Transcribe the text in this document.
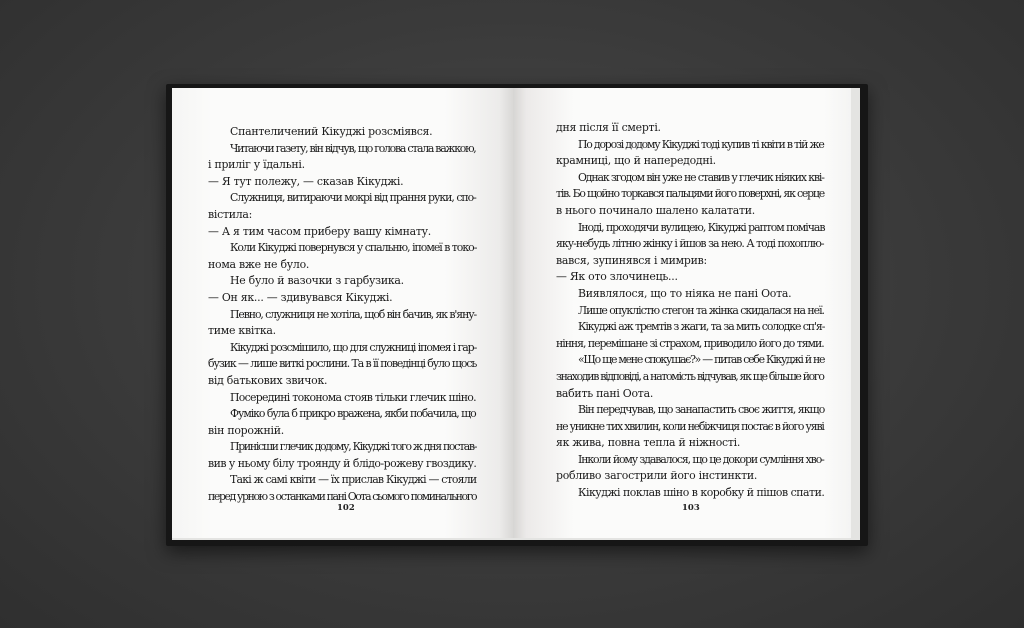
Спантеличений Кікуджі розсміявся.
Читаючи газету, він відчув, що голова стала важкою,
і приліг у їдальні.
— Я тут полежу, — сказав Кікуджі.
Служниця, витираючи мокрі від прання руки, спо-
вістила:
— А я тим часом приберу вашу кімнату.
Коли Кікуджі повернувся у спальню, іпомеї в токо-
нома вже не було.
Не було й вазочки з гарбузика.
— Он як... — здивувався Кікуджі.
Певно, служниця не хотіла, щоб він бачив, як в'яну-
тиме квітка.
Кікуджі розсмішило, що для служниці іпомея і гар-
бузик — лише виткі рослини. Та в її поведінці було щось
від батькових звичок.
Посередині токонома стояв тільки глечик шіно.
Фуміко була б прикро вражена, якби побачила, що
він порожній.
Принісши глечик додому, Кікуджі того ж дня постав-
вив у ньому білу троянду й блідо-рожеву гвоздику.
Такі ж самі квіти — їх прислав Кікуджі — стояли
перед урною з останками пані Оота сьомого поминального
102
дня після її смерті.
По дорозі додому Кікуджі тоді купив ті квіти в тій же
крамниці, що й напередодні.
Однак згодом він уже не ставив у глечик ніяких кві-
тів. Бо щойно торкався пальцями його поверхні, як серце
в нього починало шалено калатати.
Іноді, проходячи вулицею, Кікуджі раптом помічав
яку-небудь літню жінку і йшов за нею. А тоді похоплю-
вався, зупинявся і мимрив:
— Як ото злочинець...
Виявлялося, що то ніяка не пані Оота.
Лише опуклістю стегон та жінка скидалася на неї.
Кікуджі аж тремтів з жаги, та за мить солодке сп'я-
ніння, перемішане зі страхом, приводило його до тями.
«Що ще мене спокушає?» — питав себе Кікуджі й не
знаходив відповіді, а натомість відчував, як ще більше його
вабить пані Оота.
Він передчував, що занапастить своє життя, якщо
не уникне тих хвилин, коли небіжчиця постає в його уяві
як жива, повна тепла й ніжності.
Інколи йому здавалося, що це докори сумління хво-
робливо загострили його інстинкти.
Кікуджі поклав шіно в коробку й пішов спати.
103
